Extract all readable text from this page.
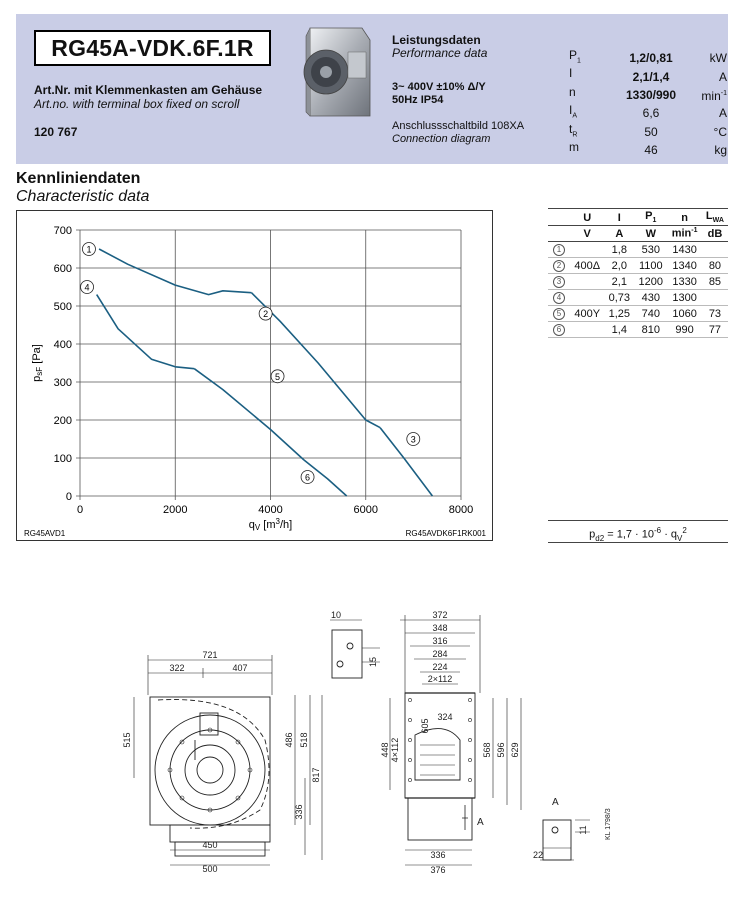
RG45A-VDK.6F.1R
Art.Nr. mit Klemmenkasten am Gehäuse
Art.no. with terminal box fixed on scroll
120 767
Leistungsdaten
Performance data
3~ 400V ±10% Δ/Y
50Hz IP54
Anschlussschaltbild 108XA
Connection diagram
$P_1$	1,2/0,81	kW
I	2,1/1,4	A
n	1330/990	$\min^{-1}$
$I_A$	6,6	A
$t_R$	50	°C
m	46	kg
Kennliniendaten
Characteristic data
0	2000	4000	6000	8000
0
100
200
300
400
500
600
700
qV $[m^3/h]$
psF [Pa]
RG45AVD1	RG45AVDK6F1RK001
1
2
3
4
5
6
	U	I	$P_1$	n	$L_{WA}$
	V	A	W	$\min^{-1}$	dB
1		1,8	530	1430	
2	400Δ	2,0	1100	1340	80
3		2,1	1200	1330	85
4		0,73	430	1300	
5	400Y	1,25	740	1060	73
6		1,4	810	990	77
$p_{d2} = 1,7 \cdot 10^{-6} \cdot q_V^2$
721
322	407
515	486 518
817
336
450
500
372
348
316
284
224
2×112
324
605
448 4×112	568 596 629
336
376
10
15
11
22
A
A
KL 1798/3
